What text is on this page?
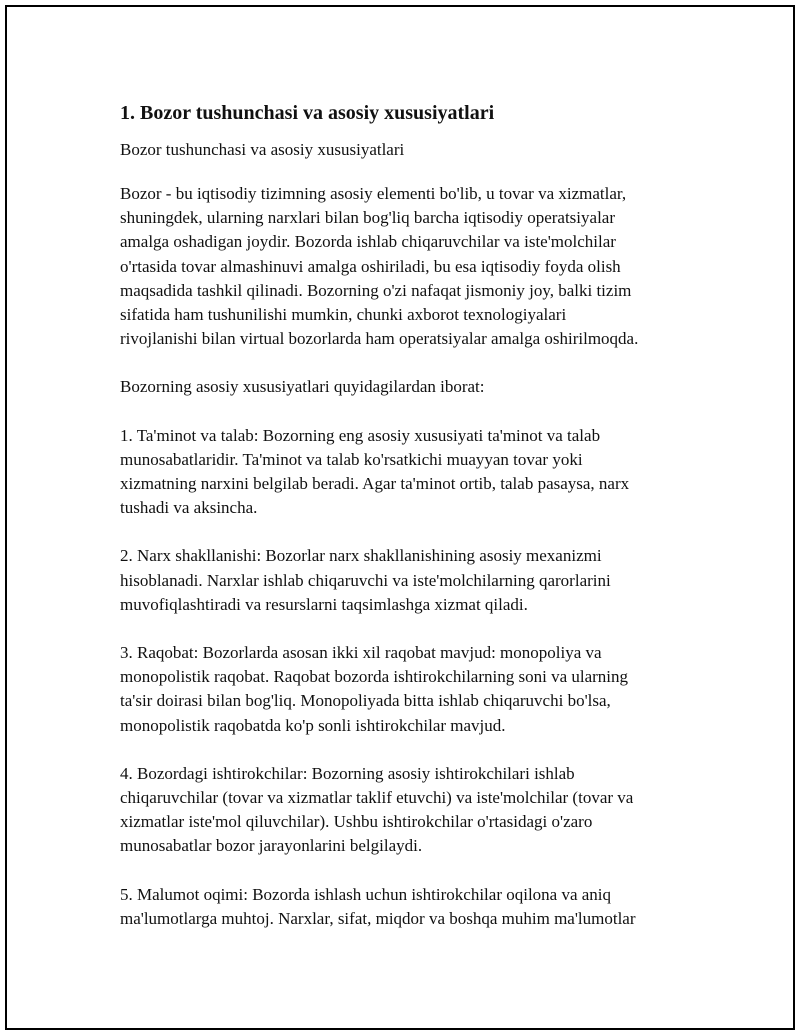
1. Bozor tushunchasi va asosiy xususiyatlari
Bozor tushunchasi va asosiy xususiyatlari
Bozor - bu iqtisodiy tizimning asosiy elementi bo'lib, u tovar va xizmatlar,
shuningdek, ularning narxlari bilan bog'liq barcha iqtisodiy operatsiyalar
amalga oshadigan joydir. Bozorda ishlab chiqaruvchilar va iste'molchilar
o'rtasida tovar almashinuvi amalga oshiriladi, bu esa iqtisodiy foyda olish
maqsadida tashkil qilinadi. Bozorning o'zi nafaqat jismoniy joy, balki tizim
sifatida ham tushunilishi mumkin, chunki axborot texnologiyalari
rivojlanishi bilan virtual bozorlarda ham operatsiyalar amalga oshirilmoqda.
Bozorning asosiy xususiyatlari quyidagilardan iborat:
1. Ta'minot va talab: Bozorning eng asosiy xususiyati ta'minot va talab
munosabatlaridir. Ta'minot va talab ko'rsatkichi muayyan tovar yoki
xizmatning narxini belgilab beradi. Agar ta'minot ortib, talab pasaysa, narx
tushadi va aksincha.
2. Narx shakllanishi: Bozorlar narx shakllanishining asosiy mexanizmi
hisoblanadi. Narxlar ishlab chiqaruvchi va iste'molchilarning qarorlarini
muvofiqlashtiradi va resurslarni taqsimlashga xizmat qiladi.
3. Raqobat: Bozorlarda asosan ikki xil raqobat mavjud: monopoliya va
monopolistik raqobat. Raqobat bozorda ishtirokchilarning soni va ularning
ta'sir doirasi bilan bog'liq. Monopoliyada bitta ishlab chiqaruvchi bo'lsa,
monopolistik raqobatda ko'p sonli ishtirokchilar mavjud.
4. Bozordagi ishtirokchilar: Bozorning asosiy ishtirokchilari ishlab
chiqaruvchilar (tovar va xizmatlar taklif etuvchi) va iste'molchilar (tovar va
xizmatlar iste'mol qiluvchilar). Ushbu ishtirokchilar o'rtasidagi o'zaro
munosabatlar bozor jarayonlarini belgilaydi.
5. Malumot oqimi: Bozorda ishlash uchun ishtirokchilar oqilona va aniq
ma'lumotlarga muhtoj. Narxlar, sifat, miqdor va boshqa muhim ma'lumotlar
